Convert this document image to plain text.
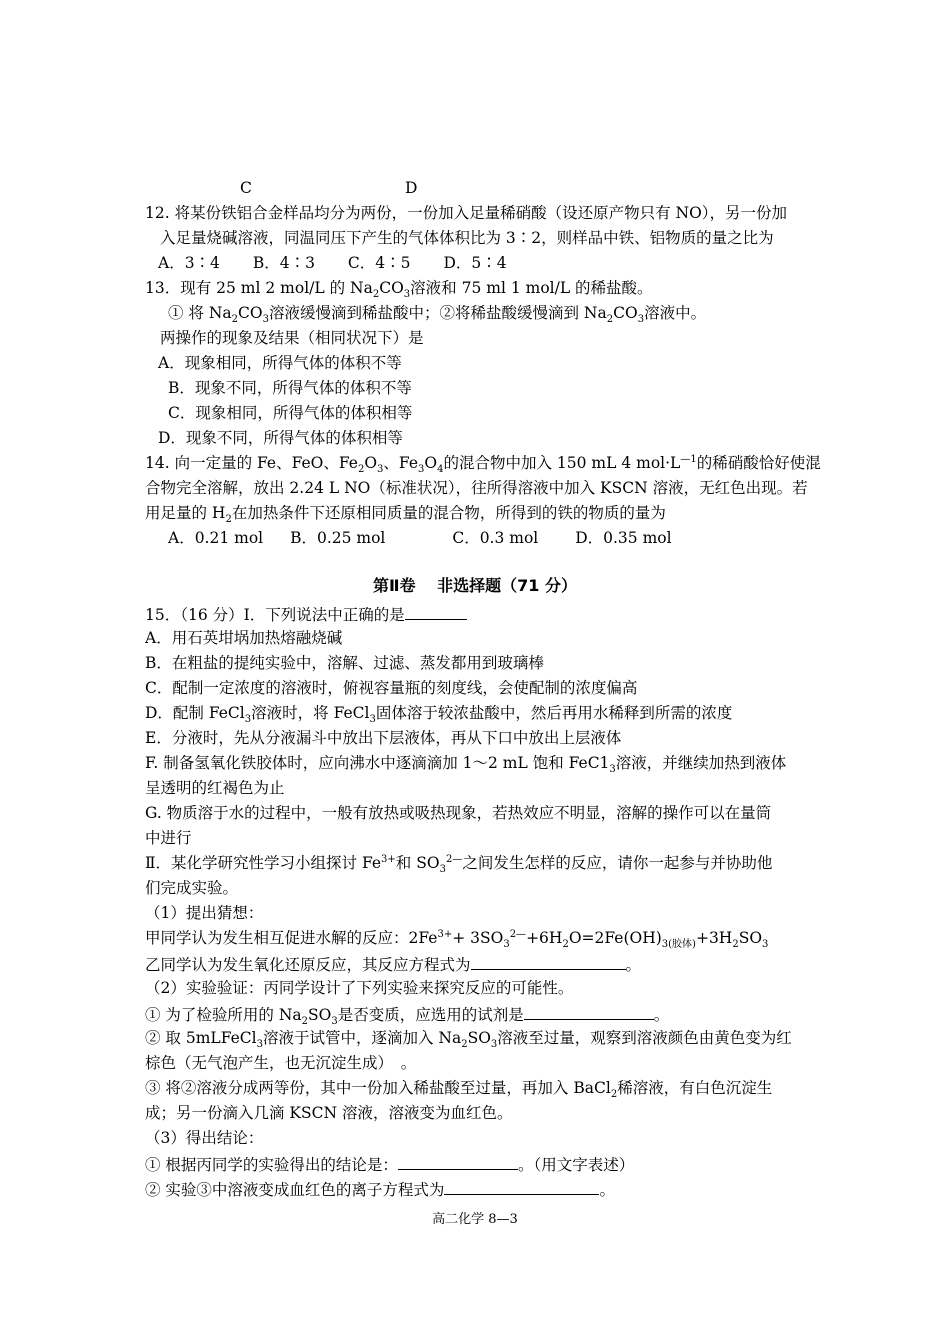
C	D
12. 将某份铁铝合金样品均分为两份，一份加入足量稀硝酸（设还原产物只有 NO），另一份加
入足量烧碱溶液，同温同压下产生的气体体积比为 3∶2，则样品中铁、铝物质的量之比为
A．3∶4 B．4∶3 C．4∶5 D．5∶4
13．现有 25 ml 2 mol/L 的 $Na_2CO_3$溶液和 75 ml 1 mol/L 的稀盐酸。
① 将 $Na_2CO_3$溶液缓慢滴到稀盐酸中；②将稀盐酸缓慢滴到 $Na_2CO_3$溶液中。
两操作的现象及结果（相同状况下）是
A．现象相同，所得气体的体积不等
B．现象不同，所得气体的体积不等
C．现象相同，所得气体的体积相等
D．现象不同，所得气体的体积相等
14. 向一定量的 Fe、FeO、$Fe_2O_3$、$Fe_3O_4$的混合物中加入 150 mL 4 $mol\cdot L^{—1}$的稀硝酸恰好使混
合物完全溶解，放出 2.24 L NO（标准状况），往所得溶液中加入 KSCN 溶液，无红色出现。若
用足量的 $H_2$在加热条件下还原相同质量的混合物，所得到的铁的物质的量为
A．0.21 mol B．0.25 mol	C．0.3 mol D．0.35 mol
第Ⅱ卷　 非选择题（71 分）
15．（16 分）Ⅰ．下列说法中正确的是
A．用石英坩埚加热熔融烧碱
B．在粗盐的提纯实验中，溶解、过滤、蒸发都用到玻璃棒
C．配制一定浓度的溶液时，俯视容量瓶的刻度线，会使配制的浓度偏高
D．配制 FeCl$_3$溶液时，将 FeCl$_3$固体溶于较浓盐酸中，然后再用水稀释到所需的浓度
E．分液时，先从分液漏斗中放出下层液体，再从下口中放出上层液体
F. 制备氢氧化铁胶体时，应向沸水中逐滴滴加 1～2 mL 饱和 $FeC1_3$溶液，并继续加热到液体
呈透明的红褐色为止
G. 物质溶于水的过程中，一般有放热或吸热现象，若热效应不明显，溶解的操作可以在量筒
中进行
Ⅱ．某化学研究性学习小组探讨 $Fe^{3+}$和 $SO_3^{2—}$之间发生怎样的反应，请你一起参与并协助他
们完成实验。
（1）提出猜想：
甲同学认为发生相互促进水解的反应：$2Fe^{3+}+ 3SO_3^{2—}+6H_2O=2Fe(OH)_{3(胶体)}+3H_2SO_3$
乙同学认为发生氧化还原反应，其反应方程式为	。
（2）实验验证：丙同学设计了下列实验来探究反应的可能性。
① 为了检验所用的 $Na_2SO_3$是否变质，应选用的试剂是	。
② 取 5mLFeCl$_3$溶液于试管中，逐滴加入 $Na_2SO_3$溶液至过量，观察到溶液颜色由黄色变为红
棕色（无气泡产生，也无沉淀生成）　。
③ 将②溶液分成两等份，其中一份加入稀盐酸至过量，再加入 BaCl$_2$稀溶液，有白色沉淀生
成；另一份滴入几滴 KSCN 溶液，溶液变为血红色。
（3）得出结论：
① 根据丙同学的实验得出的结论是：	。（用文字表述）
② 实验③中溶液变成血红色的离子方程式为	。
高二化学 8—3
